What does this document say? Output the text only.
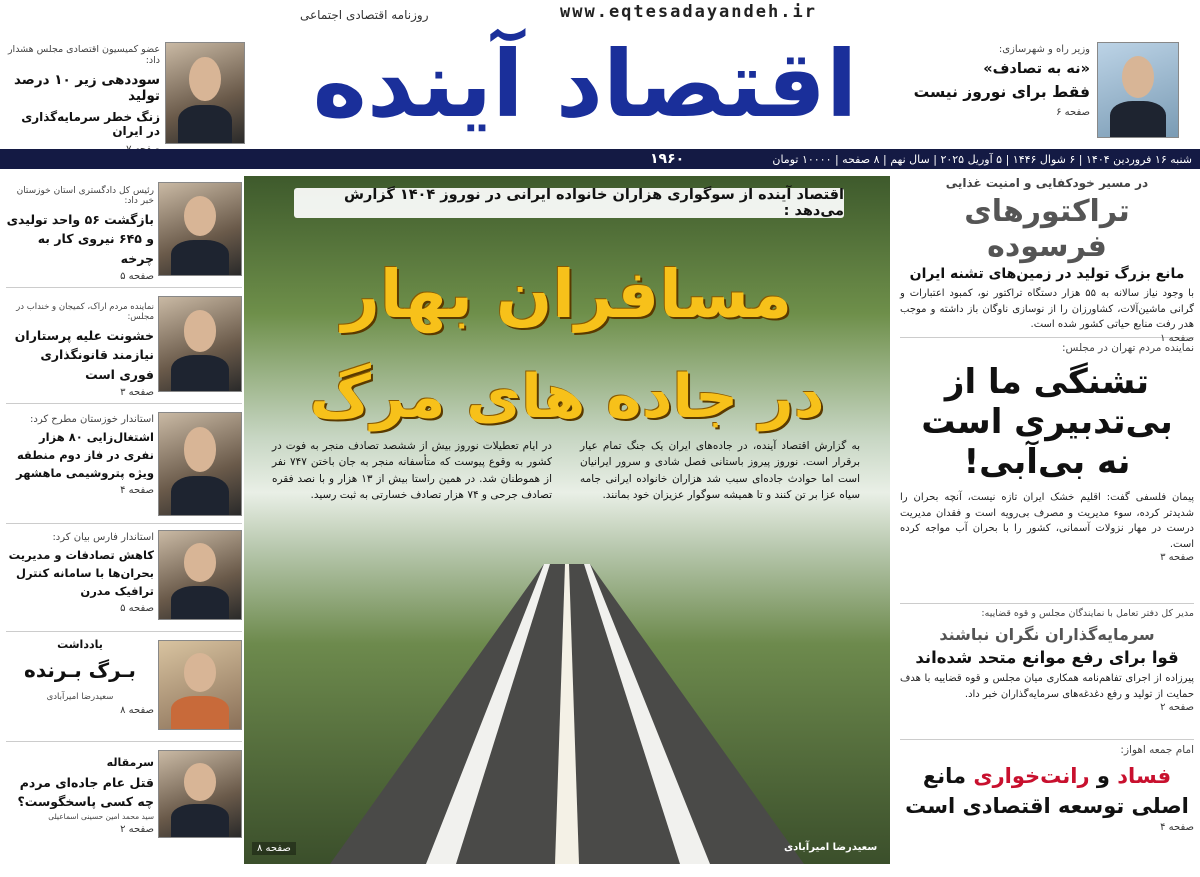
www.eqtesadayandeh.ir
روزنامه اقتصادی اجتماعی
اقتصاد آینده
عضو کمیسیون اقتصادی مجلس هشدار داد:
سوددهی زیر ۱۰ درصد تولید
زنگ خطر سرمایه‌گذاری در ایران
وزیر راه و شهرسازی:
«نه به تصادف»
فقط برای نوروز نیست
صفحه ۶
شنبه ۱۶ فروردین ۱۴۰۴ | ۶ شوال ۱۴۴۶ | ۵ آوریل ۲۰۲۵ | سال نهم | ۸ صفحه | ۱۰۰۰۰ تومان
۱۹۶۰
رئیس کل دادگستری استان خوزستان خبر داد:
بازگشت ۵۶ واحد تولیدی و ۶۴۵ نیروی کار به چرخه
صفحه ۵
نماینده مردم اراک، کمیجان و خنداب در مجلس:
خشونت علیه پرستاران نیازمند قانونگذاری فوری است
صفحه ۳
استاندار خوزستان مطرح کرد:
اشتغال‌زایی ۸۰ هزار نفری در فاز دوم منطقه ویژه پتروشیمی ماهشهر
صفحه ۴
استاندار فارس بیان کرد:
کاهش تصادفات و مدیریت بحران‌ها با سامانه کنترل ترافیک مدرن
صفحه ۵
یادداشت
بـرگ بـرنده
سعیدرضا امیرآبادی
صفحه ۸
سرمقاله
قتل عام جاده‌ای مردم چه کسی پاسخگوست؟
سید محمد امین حسینی اسماعیلی
صفحه ۲
اقتصاد آینده از سوگواری هزاران خانواده ایرانی در نوروز ۱۴۰۴ گزارش می‌دهد :
مسافران بهار
در جاده های مرگ
به گزارش اقتصاد آینده، در جاده‌های ایران یک جنگ تمام عیار برقرار است. نوروز پیروز باستانی فصل شادی و سرور ایرانیان است اما حوادث جاده‌ای سبب شد هزاران خانواده ایرانی جامه سیاه عزا بر تن کنند و تا همیشه سوگوار عزیزان خود بمانند.
در ایام تعطیلات نوروز بیش از ششصد تصادف منجر به فوت در کشور به وقوع پیوست که متأسفانه منجر به جان باختن ۷۴۷ نفر از هموطنان شد. در همین راستا بیش از ۱۳ هزار و با نصد فقره تصادف جرحی و ۷۴ هزار تصادف خسارتی به ثبت رسید.
سعیدرضا امیرآبادی
صفحه ۸
در مسیر خودکفایی و امنیت غذایی
تراکتورهای فرسوده
مانع بزرگ تولید در زمین‌های تشنه ایران
با وجود نیاز سالانه به ۵۵ هزار دستگاه تراکتور نو، کمبود اعتبارات و گرانی ماشین‌آلات، کشاورزان را از نوسازی ناوگان باز داشته و موجب هدر رفت منابع حیاتی کشور شده است.
صفحه ۱
نماینده مردم تهران در مجلس:
تشنگی ما از
بی‌تدبیری است
نه بی‌آبی!
پیمان فلسفی گفت: اقلیم خشک ایران تازه نیست، آنچه بحران را شدیدتر کرده، سوء مدیریت و مصرف بی‌رویه است و فقدان مدیریت درست در مهار نزولات آسمانی، کشور را با بحران آب مواجه کرده است.
صفحه ۳
مدیر کل دفتر تعامل با نمایندگان مجلس و قوه قضاییه:
سرمایه‌گذاران نگران نباشند
قوا برای رفع موانع متحد شده‌اند
پیرزاده از اجرای تفاهم‌نامه همکاری میان مجلس و قوه قضاییه با هدف حمایت از تولید و رفع دغدغه‌های سرمایه‌گذاران خبر داد.
صفحه ۲
امام جمعه اهواز:
فساد و رانت‌خواری مانع
اصلی توسعه اقتصادی است
صفحه ۴
